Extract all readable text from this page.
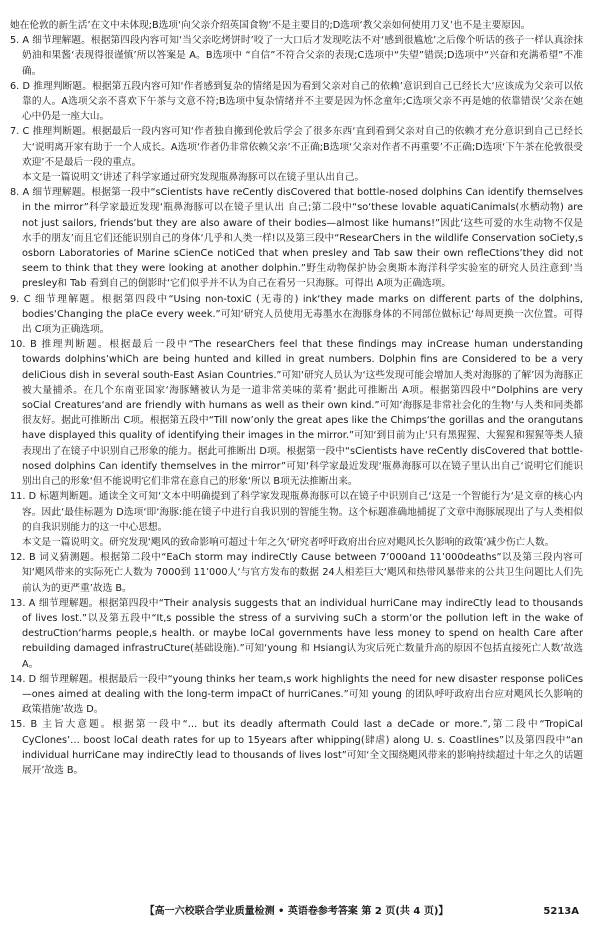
她在伦敦的新生活’在文中未体现;B选项‘向父亲介绍英国食物’不是主要目的;D选项‘教父亲如何使用刀叉’也不是主要原因。

5. A 细节理解题。根据第四段内容可知‘当父亲吃烤饼时’咬了一大口后才发现吃法不对‘感到很尴尬’之后像个听话的孩子一样认真涂抹奶油和果酱‘表现得很谨慎’所以答案是 A。B选项中 “自信”不符合父亲的表现;C选项中“失望”错误;D选项中“兴奋和充满希望”不准确。

6. D 推理判断题。根据第五段内容可知‘作者感到复杂的情绪是因为看到父亲对自己的依赖’意识到自己已经长大‘应该成为父亲可以依靠的人。A选项父亲不喜欢下午茶与文意不符;B选项中复杂情绪并不主要是因为怀念童年;C选项父亲不再是她的依靠错误‘父亲在她心中仍是一座大山。

7. C 推理判断题。根据最后一段内容可知‘作者独自搬到伦敦后学会了很多东西‘直到看到父亲对自己的依赖才充分意识到自己已经长大‘说明离开家有助于一个人成长。A选项‘作者仍非常依赖父亲’不正确;B选项‘父亲对作者不再重要’不正确;D选项‘下午茶在伦敦很受欢迎’不是最后一段的重点。

本文是一篇说明文‘讲述了科学家通过研究发现瓶鼻海豚可以在镜子里认出自己。

8. A 细节理解题。根据第一段中“sCientists have reCently disCovered that bottle-nosed dolphins Can identify themselves in the mirror”科学家最近发现‘瓶鼻海豚可以在镜子里认出 自己;第二段中“so‘these lovable aquatiCanimals(水栖动物) are not just sailors, friends’but they are also aware of their bodies—almost like humans!”因此‘这些可爱的水生动物不仅是水手的朋友’而且它们还能识别自己的身体‘几乎和人类一样!以及第三段中“ResearChers in the wildlife Conservation soCiety,s osborn Laboratories of Marine sCienCe notiCed that when presley and Tab saw their own refleCtions’they did not seem to think that they were looking at another dolphin.”野生动物保护协会奥斯本海洋科学实验室的研究人员注意到‘当 presley和 Tab 看到自己的倒影时‘它们似乎并不认为自己在看另一只海豚。可得出 A项为正确选项。

9. C 细节理解题。根据第四段中“Using non-toxiC (无毒的) ink‘they made marks on different parts of the dolphins, bodies‘Changing the plaCe every week.”可知‘研究人员使用无毒墨水在海豚身体的不同部位做标记‘每周更换一次位置。可得出 C项为正确选项。

10. B 推理判断题。根据最后一段中“The researChers feel that these findings may inCrease human understanding towards dolphins’whiCh are being hunted and killed in great numbers. Dolphin fins are Considered to be a very deliCious dish in several south-East Asian Countries.”可知‘研究人员认为‘这些发现可能会增加人类对海豚的了解’因为海豚正被大量捕杀。在几个东南亚国家‘海豚鳍被认为是一道非常美味的菜肴’据此可推断出 A项。根据第四段中“Dolphins are very soCial Creatures‘and are friendly with humans as well as their own kind.”可知‘海豚是非常社会化的生物‘与人类和同类都很友好。据此可推断出 C项。根据第五段中“Till now’only the great apes like the Chimps‘the gorillas and the orangutans have displayed this quality of identifying their images in the mirror.”可知‘到目前为止‘只有黑猩猩、大猩猩和猩猩等类人猿表现出了在镜子中识别自己形象的能力。据此可推断出 D项。根据第一段中“sCientists have reCently disCovered that bottle-nosed dolphins Can identify themselves in the mirror”可知‘科学家最近发现‘瓶鼻海豚可以在镜子里认出自己‘说明它们能识别出自己的形象‘但不能说明它们非常在意自己的形象‘所以 B项无法推断出来。

11. D 标题判断题。通读全文可知‘文本中明确提到了科学家发现瓶鼻海豚可以在镜子中识别自己‘这是一个智能行为‘是文章的核心内容。因此‘最佳标题为 D选项‘即‘海豚:能在镜子中进行自我识别的智能生物。这个标题准确地捕捉了文章中海豚展现出了与人类相似的自我识别能力的这一中心思想。

本文是一篇说明文。研究发现‘飓风的致命影响可超过十年之久‘研究者呼吁政府出台应对飓风长久影响的政策‘减少伤亡人数。

12. B 词义猜测题。根据第二段中“EaCh storm may indireCtly Cause between 7’000and 11’000deaths”以及第三段内容可知‘飓风带来的实际死亡人数为 7000到 11’000人‘与官方发布的数据 24人相差巨大‘飓风和热带风暴带来的公共卫生问题比人们先前认为的更严重’故选 B。

13. A 细节理解题。根据第四段中“Their analysis suggests that an individual hurriCane may indireCtly lead to thousands of lives lost.”以及第五段中“It,s possible the stress of a surviving suCh a storm’or the pollution left in the wake of destruCtion‘harms people,s health. or maybe loCal governments have less money to spend on health Care after rebuilding damaged infrastruCture(基础设施).”可知‘young 和 Hsiang认为灾后死亡数量升高的原因不包括直接死亡人数’故选 A。

14. D 细节理解题。根据最后一段中“young thinks her team,s work highlights the need for new disaster response poliCes—ones aimed at dealing with the long-term impaCt of hurriCanes.”可知 young 的团队呼吁政府出台应对飓风长久影响的政策措施’故选 D。

15. B 主旨大意题。根据第一段中“… but its deadly aftermath Could last a deCade or more.”,第二段中“TropiCal CyClones’… boost loCal death rates for up to 15years after whipping(肆虐) along U. s. Coastlines”以及第四段中“an individual hurriCane may indireCtly lead to thousands of lives lost”可知‘全文围绕飓风带来的影响持续超过十年之久的话题展开’故选 B。

【高一六校联合学业质量检测 • 英语卷参考答案 第 2 页(共 4 页)】	5213A
